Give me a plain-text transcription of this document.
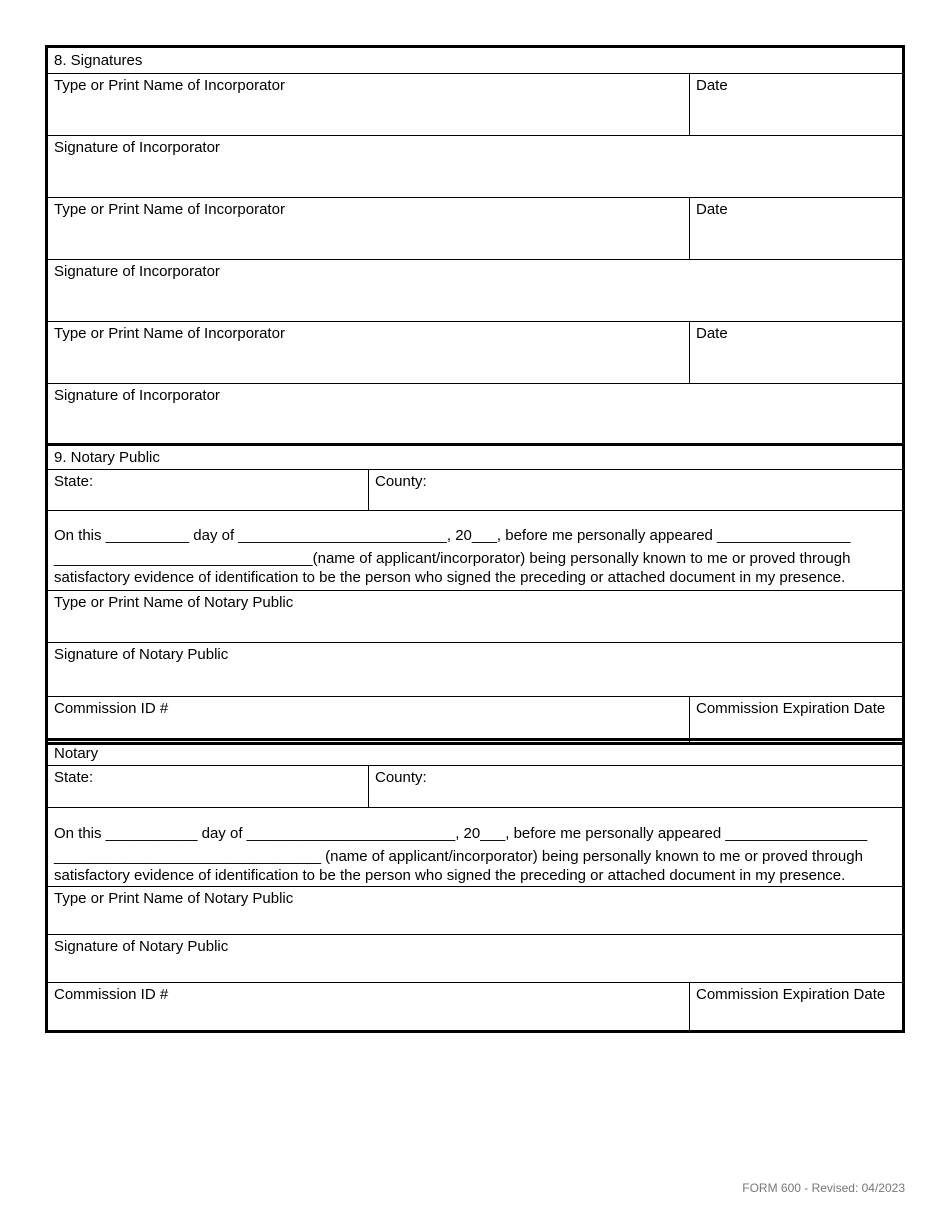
8. Signatures
Type or Print Name of Incorporator	Date
Signature of Incorporator
Type or Print Name of Incorporator	Date
Signature of Incorporator
Type or Print Name of Incorporator	Date
Signature of Incorporator
9. Notary Public
State:	County:
On this __________ day of _________________________, 20___, before me personally appeared ________________
_______________________________(name of applicant/incorporator) being personally known to me or proved through
satisfactory evidence of identification to be the person who signed the preceding or attached document in my presence.
Type or Print Name of Notary Public
Signature of Notary Public
Commission ID #	Commission Expiration Date
Notary
State:	County:
On this ___________ day of _________________________, 20___, before me personally appeared _________________
________________________________ (name of applicant/incorporator) being personally known to me or proved through
satisfactory evidence of identification to be the person who signed the preceding or attached document in my presence.
Type or Print Name of Notary Public
Signature of Notary Public
Commission ID #	Commission Expiration Date
FORM 600 - Revised: 04/2023
